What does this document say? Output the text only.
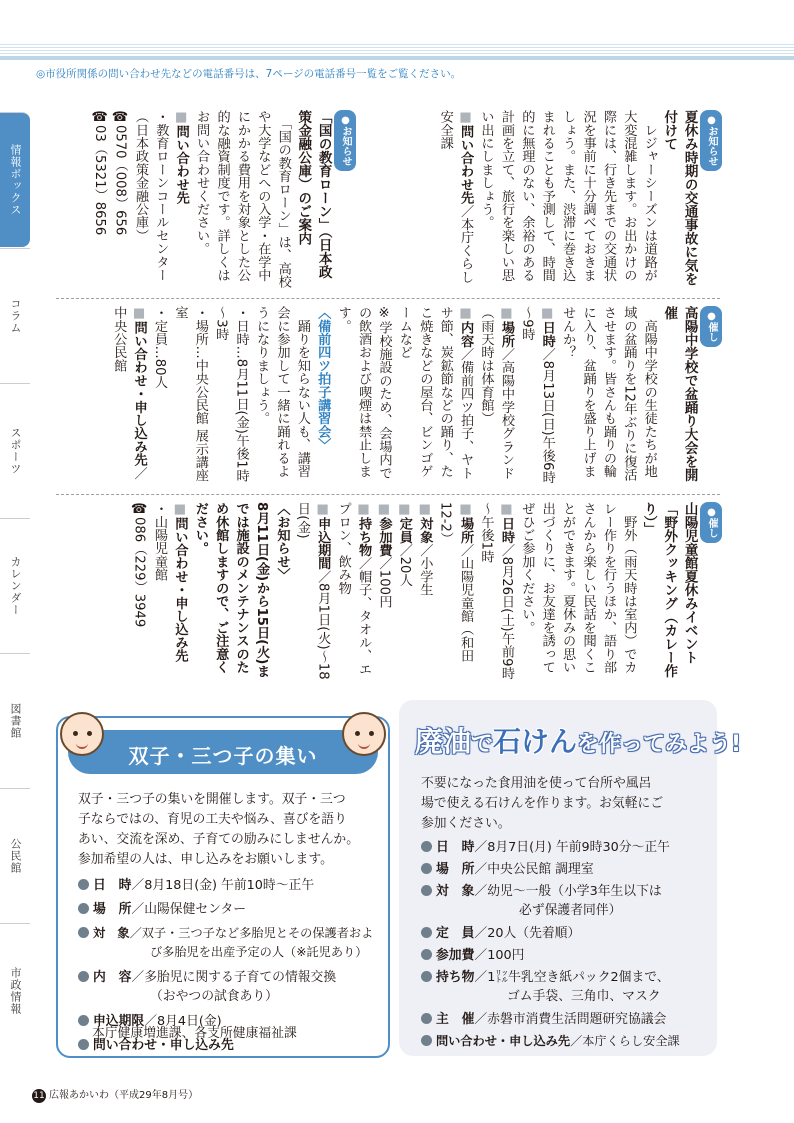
◎市役所関係の問い合わせ先などの電話番号は、7ページの電話番号一覧をご覧ください。
情報ボックス
コラム
スポーツ
カレンダー
図書館
公民館
市政情報

●お知らせ

夏休み時期の交通事故に気を付けて

　レジャーシーズンは道路が大変混雑します。お出かけの際には、行き先までの交通状況を事前に十分調べておきましょう。また、渋滞に巻き込まれることも予測して、時間的に無理のない、余裕のある計画を立て、旅行を楽しい思い出にしましょう。

■問い合わせ先／本庁くらし安全課

●お知らせ

「国の教育ローン」（日本政策金融公庫）のご案内

　「国の教育ローン」は、高校や大学などへの入学・在学中にかかる費用を対象とした公的な融資制度です。詳しくはお問い合わせください。

■問い合わせ先

・教育ローンコールセンター

（日本政策金融公庫）

☎0570（008）656

☎03（5321）8656

●催し

高陽中学校で盆踊り大会を開催

　高陽中学校の生徒たちが地域の盆踊りを12年ぶりに復活させます。皆さんも踊りの輪に入り、盆踊りを盛り上げませんか？

■日時／8月13日(日)午後6時～9時

■場所／高陽中学校グランド（雨天時は体育館）

■内容／備前四ツ拍子、ヤトサ節、炭鉱節などの踊り、たこ焼きなどの屋台、ビンゴゲームなど

※学校施設のため、会場内での飲酒および喫煙は禁止します。

〈備前四ツ拍子講習会〉

　踊りを知らない人も、講習会に参加して一緒に踊れるようになりましょう。

・日時…8月11日(金)午後1時～3時

・場所…中央公民館 展示講座室

・定員…80人

■問い合わせ・申し込み先／中央公民館

●催し

山陽児童館夏休みイベント「野外クッキング（カレー作り）」

　野外（雨天時は室内）でカレー作りを行うほか、語り部さんから楽しい民話を聞くことができます。夏休みの思い出づくりに、お友達を誘ってぜひご参加ください。

■日時／8月26日(土)午前9時～午後1時

■場所／山陽児童館（和田12-2）

■対象／小学生

■定員／20人

■参加費／100円

■持ち物／帽子、タオル、エプロン、飲み物

■申込期間／8月1日(火)～18日(金)

〈お知らせ〉

8月11日(金)から15日(火)までは施設のメンテナンスのため休館しますので、ご注意ください。

■問い合わせ・申し込み先

・山陽児童館

☎086（229）3949

双子・三つ子の集い
双子・三つ子の集いを開催します。双子・三つ
子ならではの、育児の工夫や悩み、喜びを語り
あい、交流を深め、子育ての励みにしませんか。
参加希望の人は、申し込みをお願いします。
日　時／8月18日(金) 午前10時～正午
場　所／山陽保健センター
対　象／双子・三つ子など多胎児とその保護者およ
び多胎児を出産予定の人（※託児あり）
内　容／多胎児に関する子育ての情報交換
（おやつの試食あり）
申込期限／8月4日(金)
問い合わせ・申し込み先
本庁健康増進課、各支所健康福祉課
廃油で石けんを作ってみよう!
不要になった食用油を使って台所や風呂
場で使える石けんを作ります。お気軽にご
参加ください。
日　時／8月7日(月) 午前9時30分～正午
場　所／中央公民館 調理室
対　象／幼児～一般（小学3年生以下は
必ず保護者同伴）
定　員／20人（先着順）
参加費／100円
持ち物／1㍑牛乳空き紙パック2個まで、
ゴム手袋、三角巾、マスク
主　催／赤磐市消費生活問題研究協議会
問い合わせ・申し込み先／本庁くらし安全課
11 広報あかいわ（平成29年8月号）
